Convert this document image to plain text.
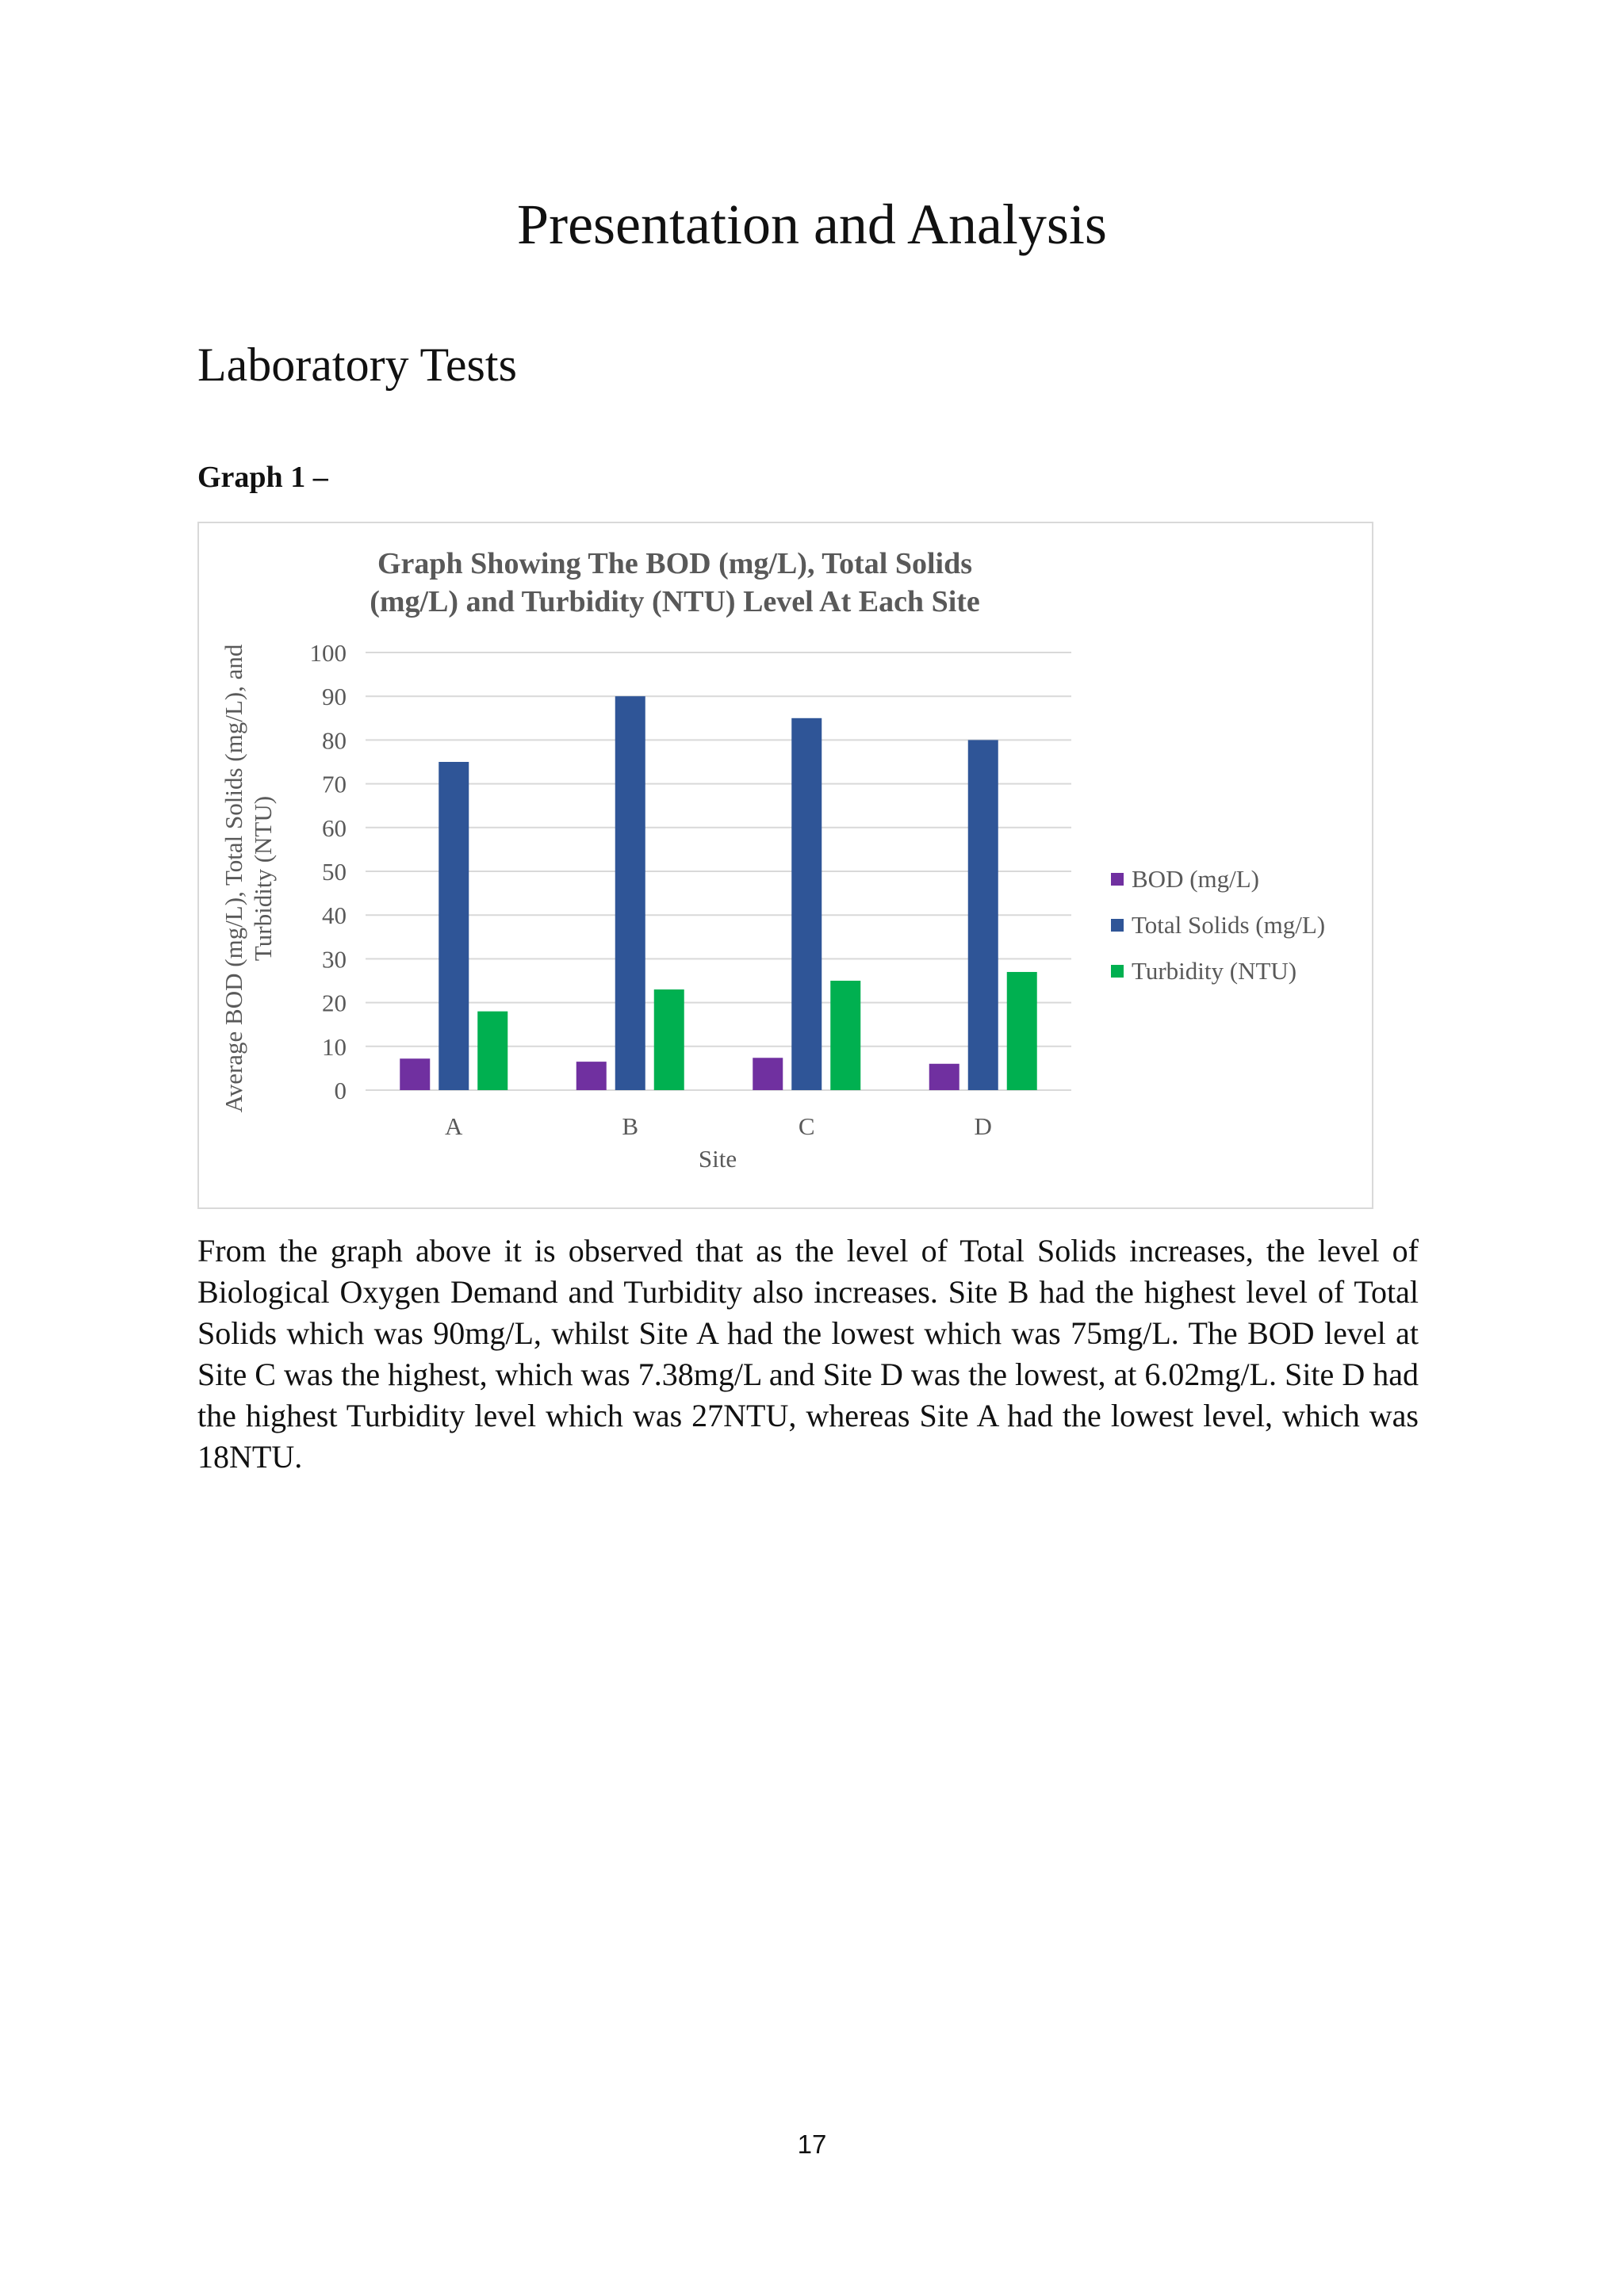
Presentation and Analysis
Laboratory Tests

Graph 1 –

Graph Showing The BOD (mg/L), Total Solids (mg/L) and Turbidity (NTU) Level At Each Site
Average BOD (mg/L), Total Solids (mg/L), and Turbidity (NTU)
0
10
20
30
40
50
60
70
80
90
100
A	B	C	D
Site
BOD (mg/L)
Total Solids (mg/L)
Turbidity (NTU)

From the graph above it is observed that as the level of Total Solids increases, the level of Biological Oxygen Demand and Turbidity also increases. Site B had the highest level of Total Solids which was 90mg/L, whilst Site A had the lowest which was 75mg/L. The BOD level at Site C was the highest, which was 7.38mg/L and Site D was the lowest, at 6.02mg/L. Site D had the highest Turbidity level which was 27NTU, whereas Site A had the lowest level, which was 18NTU.

17
